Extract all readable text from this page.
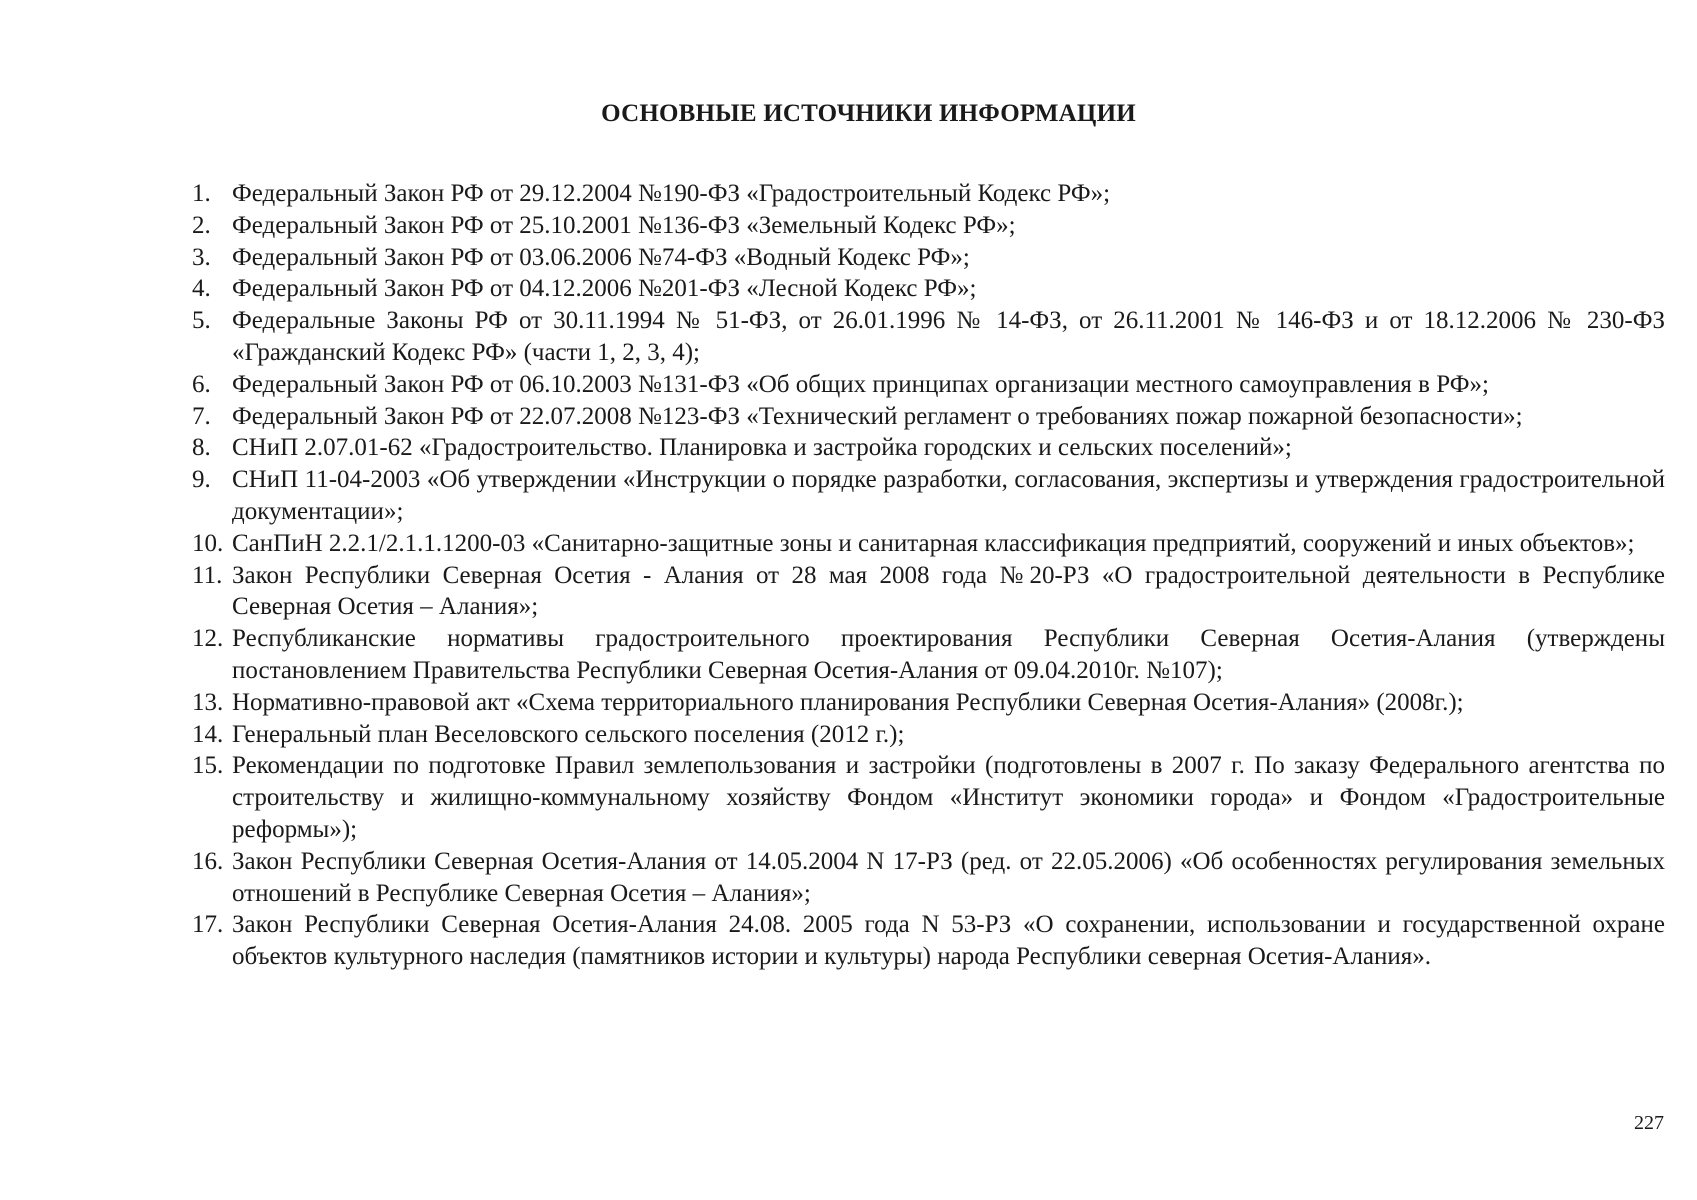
ОСНОВНЫЕ ИСТОЧНИКИ ИНФОРМАЦИИ
1. Федеральный Закон РФ от 29.12.2004 №190-ФЗ «Градостроительный Кодекс РФ»;
2. Федеральный Закон РФ от 25.10.2001 №136-ФЗ «Земельный Кодекс РФ»;
3. Федеральный Закон РФ от 03.06.2006 №74-ФЗ «Водный Кодекс РФ»;
4. Федеральный Закон РФ от 04.12.2006 №201-ФЗ «Лесной Кодекс РФ»;
5. Федеральные Законы РФ от 30.11.1994 № 51-ФЗ, от 26.01.1996 № 14-ФЗ, от 26.11.2001 № 146-ФЗ и от 18.12.2006 № 230-ФЗ «Гражданский Кодекс РФ» (части 1, 2, 3, 4);
6. Федеральный Закон РФ от 06.10.2003 №131-ФЗ «Об общих принципах организации местного самоуправления в РФ»;
7. Федеральный Закон РФ от 22.07.2008 №123-ФЗ «Технический регламент о требованиях пожар пожарной безопасности»;
8. СНиП 2.07.01-62 «Градостроительство. Планировка и застройка городских и сельских поселений»;
9. СНиП 11-04-2003 «Об утверждении «Инструкции о порядке разработки, согласования, экспертизы и утверждения градостроительной документации»;
10. СанПиН 2.2.1/2.1.1.1200-03 «Санитарно-защитные зоны и санитарная классификация предприятий, сооружений и иных объектов»;
11. Закон Республики Северная Осетия - Алания от 28 мая 2008 года №20-РЗ «О градостроительной деятельности в Республике Северная Осетия – Алания»;
12. Республиканские нормативы градостроительного проектирования Республики Северная Осетия-Алания (утверждены постановлением Правительства Республики Северная Осетия-Алания от 09.04.2010г. №107);
13. Нормативно-правовой акт «Схема территориального планирования Республики Северная Осетия-Алания» (2008г.);
14. Генеральный план Веселовского сельского поселения (2012 г.);
15. Рекомендации по подготовке Правил землепользования и застройки (подготовлены в 2007 г. По заказу Федерального агентства по строительству и жилищно-коммунальному хозяйству Фондом «Институт экономики города» и Фондом «Градостроительные реформы»);
16. Закон Республики Северная Осетия-Алания от 14.05.2004 N 17-РЗ (ред. от 22.05.2006) «Об особенностях регулирования земельных отношений в Республике Северная Осетия – Алания»;
17. Закон Республики Северная Осетия-Алания 24.08. 2005 года N 53-РЗ «О сохранении, использовании и государственной охране объектов культурного наследия (памятников истории и культуры) народа Республики северная Осетия-Алания».
227
